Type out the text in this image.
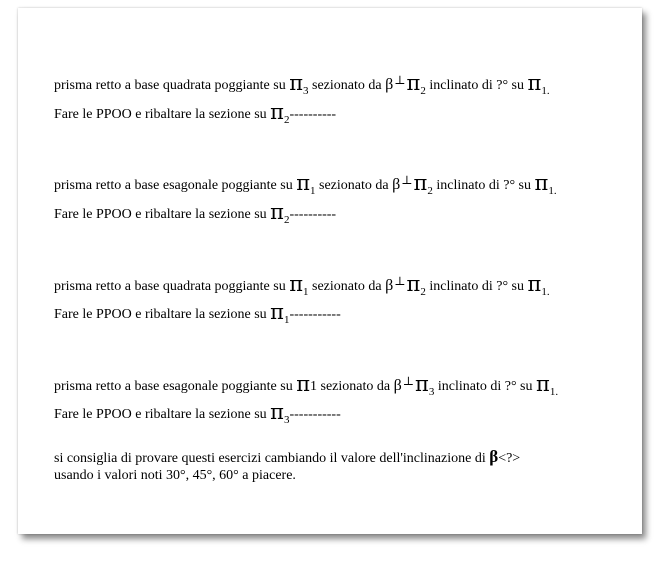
prisma retto a base quadrata poggiante su $\pi_3$ sezionato da $\beta\perp\pi_2$ inclinato di ?° su $\pi_{1.}$
Fare le PPOO e ribaltare la sezione su $\pi_2----------$
prisma retto a base esagonale poggiante su $\pi_1$ sezionato da $\beta\perp\pi_2$ inclinato di ?° su $\pi_{1.}$
Fare le PPOO e ribaltare la sezione su $\pi_2----------$
prisma retto a base quadrata poggiante su $\pi_1$ sezionato da $\beta\perp\pi_2$ inclinato di ?° su $\pi_{1.}$
Fare le PPOO e ribaltare la sezione su $\pi_1-----------$
prisma retto a base esagonale poggiante su π1 sezionato da $\beta\perp\pi_3$ inclinato di ?° su $\pi_{1.}$
Fare le PPOO e ribaltare la sezione su $\pi_3-----------$
si consiglia di provare questi esercizi cambiando il valore dell'inclinazione di β<?>
usando i valori noti 30°, 45°, 60° a piacere.
